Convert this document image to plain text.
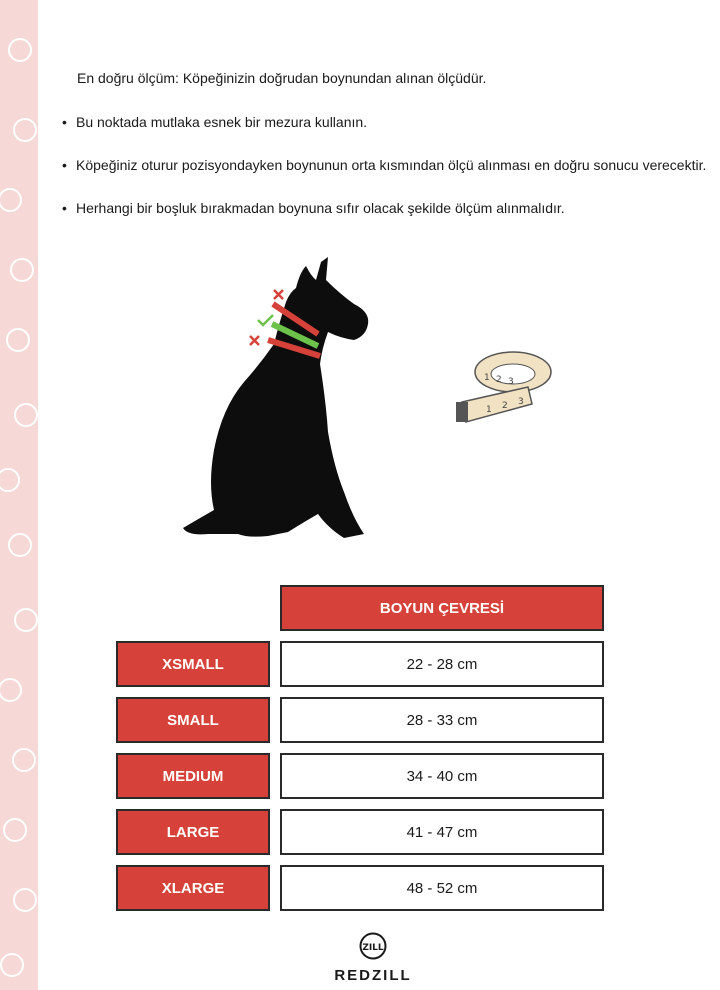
En doğru ölçüm: Köpeğinizin doğrudan boynundan alınan ölçüdür.
• Bu noktada mutlaka esnek bir mezura kullanın.
• Köpeğiniz oturur pozisyondayken boynunun orta kısmından ölçü alınması en doğru sonucu verecektir.
• Herhangi bir boşluk bırakmadan boynuna sıfır olacak şekilde ölçüm alınmalıdır.
1 2 3
1 2 3
BOYUN ÇEVRESİ
XSMALL	22 - 28 cm
SMALL	28 - 33 cm
MEDIUM	34 - 40 cm
LARGE	41 - 47 cm
XLARGE	48 - 52 cm
ZILL
REDZILL
